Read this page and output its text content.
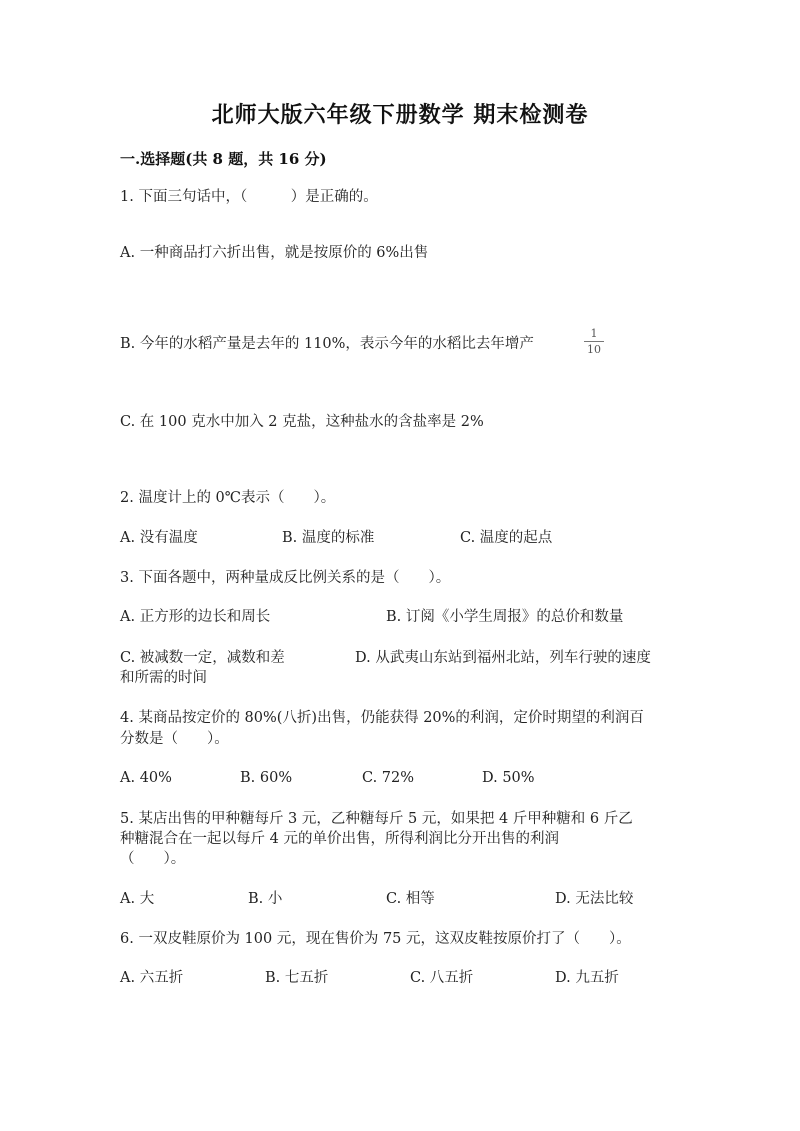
北师大版六年级下册数学 期末检测卷
一.选择题(共 8 题，共 16 分)
1. 下面三句话中，（　　　）是正确的。
A. 一种商品打六折出售，就是按原价的 6%出售
B. 今年的水稻产量是去年的 110%，表示今年的水稻比去年增产
1
10
C. 在 100 克水中加入 2 克盐，这种盐水的含盐率是 2%
2. 温度计上的 0℃表示（　　）。
A. 没有温度	B. 温度的标准	C. 温度的起点
3. 下面各题中，两种量成反比例关系的是（　　）。
A. 正方形的边长和周长	B. 订阅《小学生周报》的总价和数量
C. 被减数一定，减数和差	D. 从武夷山东站到福州北站，列车行驶的速度
和所需的时间
4. 某商品按定价的 80%(八折)出售，仍能获得 20%的利润，定价时期望的利润百
分数是（　　）。
A. 40%	B. 60%	C. 72%	D. 50%
5. 某店出售的甲种糖每斤 3 元，乙种糖每斤 5 元，如果把 4 斤甲种糖和 6 斤乙
种糖混合在一起以每斤 4 元的单价出售，所得利润比分开出售的利润
（　　）。
A. 大	B. 小	C. 相等	D. 无法比较
6. 一双皮鞋原价为 100 元，现在售价为 75 元，这双皮鞋按原价打了（　　）。
A. 六五折	B. 七五折	C. 八五折	D. 九五折
